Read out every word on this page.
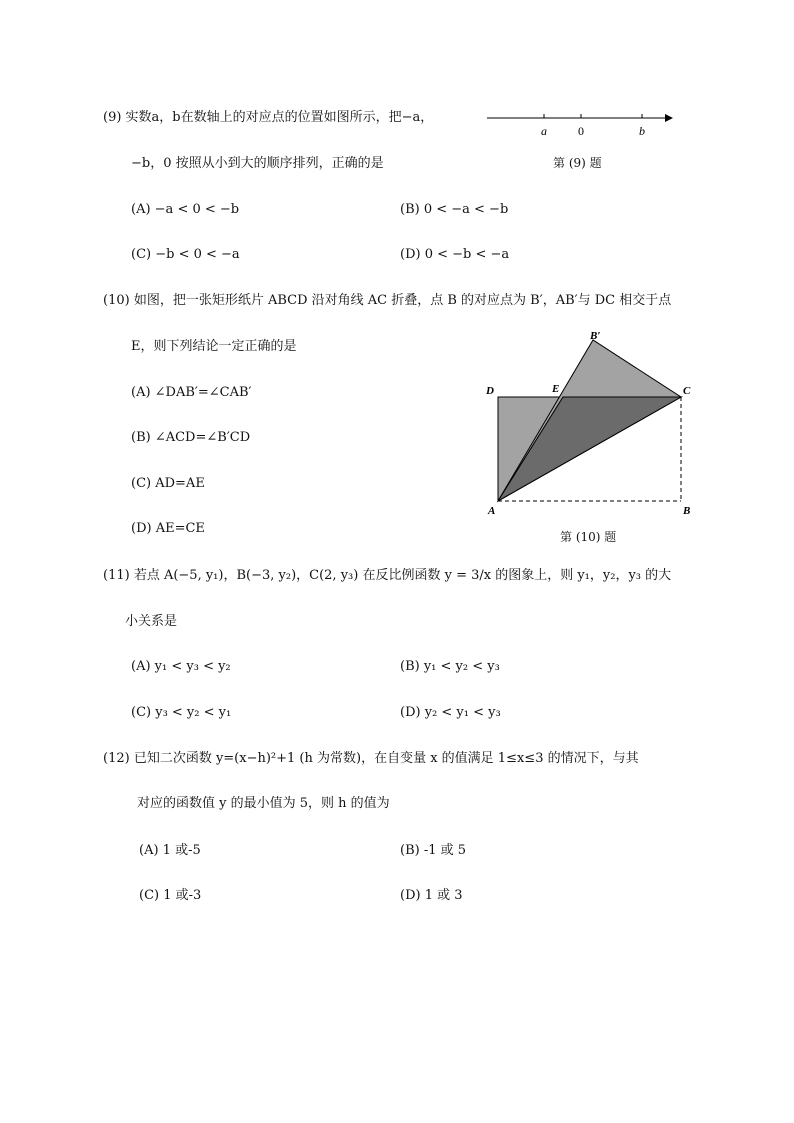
(9) 实数a，b在数轴上的对应点的位置如图所示，把−a，
−b，0 按照从小到大的顺序排列，正确的是
a	0	b
第 (9) 题
(A) −a < 0 < −b	(B) 0 < −a < −b
(C) −b < 0 < −a	(D) 0 < −b < −a
(10) 如图，把一张矩形纸片 ABCD 沿对角线 AC 折叠，点 B 的对应点为 B′，AB′与 DC 相交于点
E，则下列结论一定正确的是
(A) ∠DAB′=∠CAB′
(B) ∠ACD=∠B′CD
(C) AD=AE
(D) AE=CE
D	E	C
B′
A	B
第 (10) 题
(11) 若点 A(−5, y₁)，B(−3, y₂)，C(2, y₃) 在反比例函数 y = 3/x 的图象上，则 y₁，y₂，y₃ 的大
小关系是
(A) y₁ < y₃ < y₂	(B) y₁ < y₂ < y₃
(C) y₃ < y₂ < y₁	(D) y₂ < y₁ < y₃
(12) 已知二次函数 y=(x−h)²+1 (h 为常数)，在自变量 x 的值满足 1≤x≤3 的情况下，与其
对应的函数值 y 的最小值为 5，则 h 的值为
(A) 1 或-5	(B) -1 或 5
(C) 1 或-3	(D) 1 或 3
